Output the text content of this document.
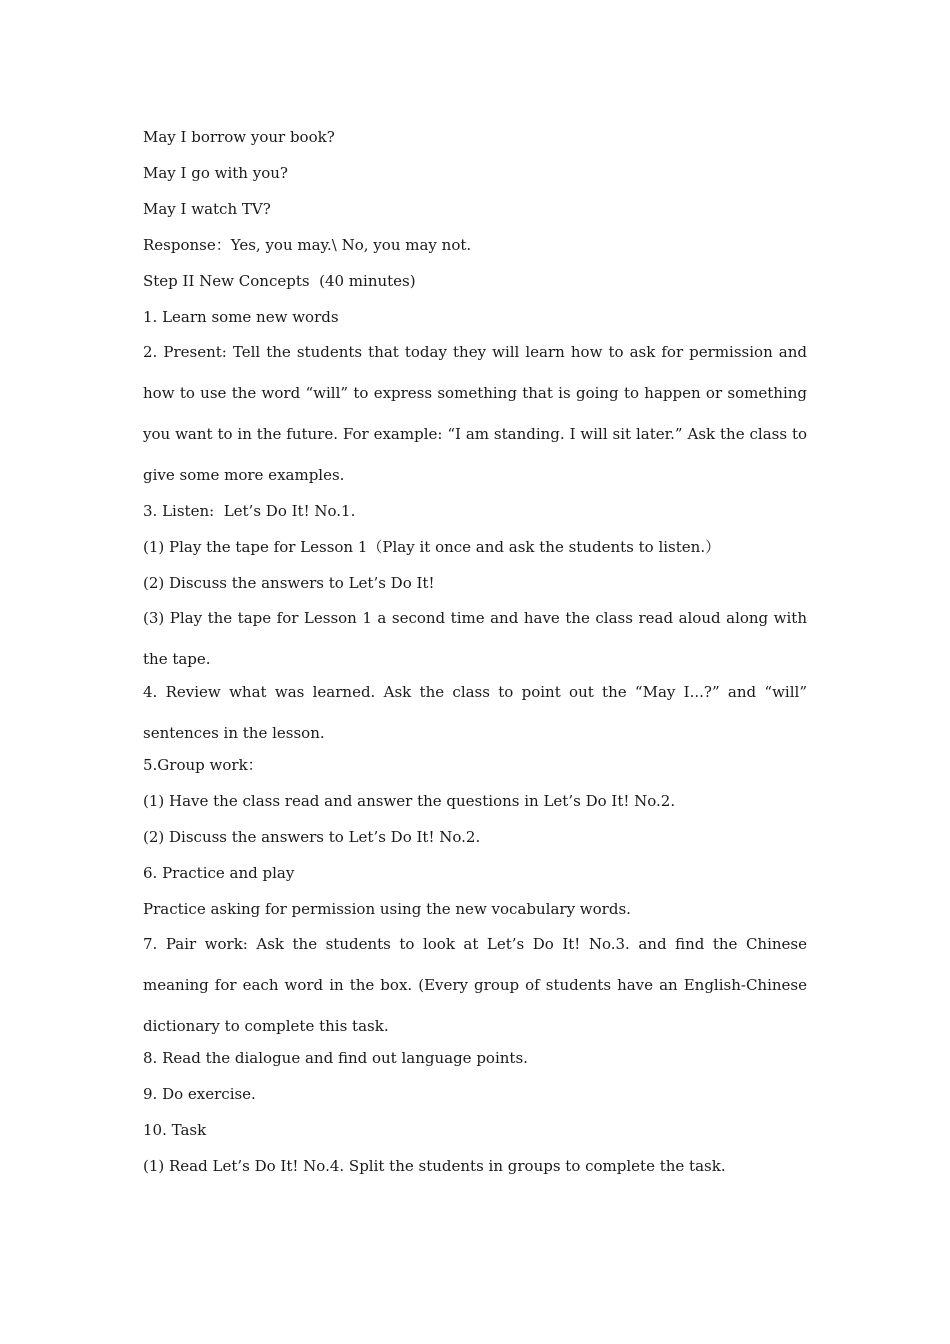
May I borrow your book?
May I go with you?
May I watch TV?
Response：Yes, you may.\ No, you may not.
Step II New Concepts  (40 minutes)
1. Learn some new words
2. Present: Tell the students that today they will learn how to ask for permission and how to use the word “will” to express something that is going to happen or something you want to in the future. For example: “I am standing. I will sit later.” Ask the class to give some more examples.
3. Listen:  Let’s Do It! No.1.
(1) Play the tape for Lesson 1（Play it once and ask the students to listen.）
(2) Discuss the answers to Let’s Do It!
(3) Play the tape for Lesson 1 a second time and have the class read aloud along with the tape.
4. Review what was learned. Ask the class to point out the “May I...?” and “will” sentences in the lesson.
5.Group work：
(1) Have the class read and answer the questions in Let’s Do It! No.2.
(2) Discuss the answers to Let’s Do It! No.2.
6. Practice and play
Practice asking for permission using the new vocabulary words.
7. Pair work: Ask the students to look at Let’s Do It! No.3. and find the Chinese meaning for each word in the box. (Every group of students have an English-Chinese dictionary to complete this task.
8. Read the dialogue and find out language points.
9. Do exercise.
10. Task
(1) Read Let’s Do It! No.4. Split the students in groups to complete the task.
